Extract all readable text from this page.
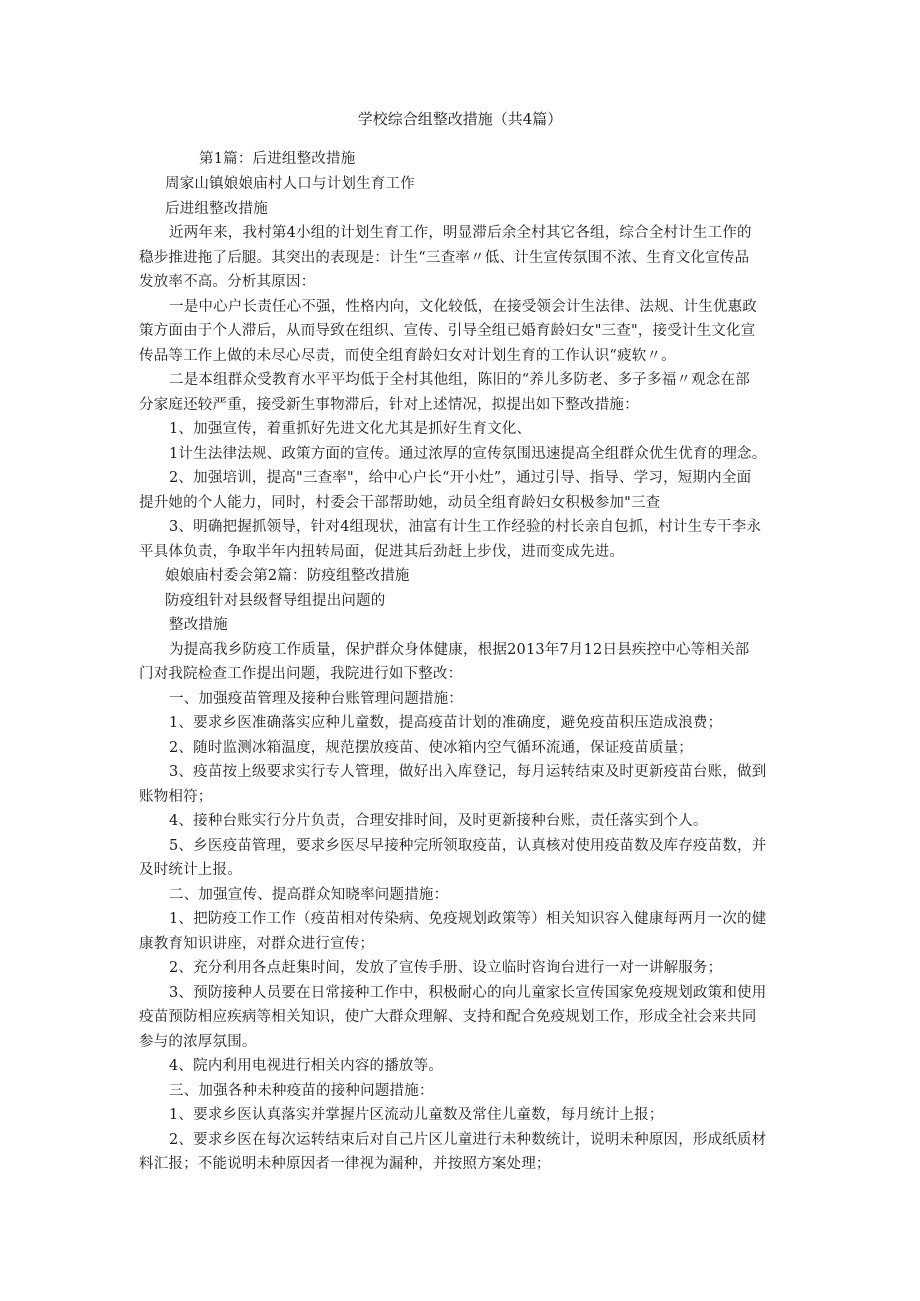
学校综合组整改措施（共4篇）
第1篇：后进组整改措施
周家山镇娘娘庙村人口与计划生育工作
后进组整改措施
近两年来，我村第4小组的计划生育工作，明显滞后余全村其它各组，综合全村计生工作的
稳步推进拖了后腿。其突出的表现是：计生“三查率〃低、计生宣传氛围不浓、生育文化宣传品
发放率不高。分析其原因：
一是中心户长责任心不强，性格内向，文化较低，在接受领会计生法律、法规、计生优惠政
策方面由于个人滞后，从而导致在组织、宣传、引导全组已婚育龄妇女"三查"，接受计生文化宣
传品等工作上做的未尽心尽责，而使全组育龄妇女对计划生育的工作认识“疲软〃。
二是本组群众受教育水平平均低于全村其他组，陈旧的“养儿多防老、多子多福〃观念在部
分家庭还较严重，接受新生事物滞后，针对上述情况，拟提出如下整改措施：
1、加强宣传，着重抓好先进文化尤其是抓好生育文化、
1计生法律法规、政策方面的宣传。通过浓厚的宣传氛围迅速提高全组群众优生优育的理念。
2、加强培训，提高"三查率"，给中心户长“开小灶”，通过引导、指导、学习，短期内全面
提升她的个人能力，同时，村委会干部帮助她，动员全组育龄妇女积极参加"三查
3、明确把握抓领导，针对4组现状，油富有计生工作经验的村长亲自包抓，村计生专干李永
平具体负责，争取半年内扭转局面，促进其后劲赶上步伐，进而变成先进。
娘娘庙村委会第2篇：防疫组整改措施
防疫组针对县级督导组提出问题的
整改措施
为提高我乡防疫工作质量，保护群众身体健康，根据2013年7月12日县疾控中心等相关部
门对我院检查工作提出问题，我院进行如下整改：
一、加强疫苗管理及接种台账管理问题措施：
1、要求乡医准确落实应种儿童数，提高疫苗计划的准确度，避免疫苗积压造成浪费；
2、随时监测冰箱温度，规范摆放疫苗、使冰箱内空气循环流通，保证疫苗质量；
3、疫苗按上级要求实行专人管理，做好出入库登记，每月运转结束及时更新疫苗台账，做到
账物相符；
4、接种台账实行分片负责，合理安排时间，及时更新接种台账，责任落实到个人。
5、乡医疫苗管理，要求乡医尽早接种完所领取疫苗，认真核对使用疫苗数及库存疫苗数，并
及时统计上报。
二、加强宣传、提高群众知晓率问题措施：
1、把防疫工作工作（疫苗相对传染病、免疫规划政策等）相关知识容入健康每两月一次的健
康教育知识讲座，对群众进行宣传；
2、充分利用各点赶集时间，发放了宣传手册、设立临时咨询台进行一对一讲解服务；
3、预防接种人员要在日常接种工作中，积极耐心的向儿童家长宣传国家免疫规划政策和使用
疫苗预防相应疾病等相关知识，使广大群众理解、支持和配合免疫规划工作，形成全社会来共同
参与的浓厚氛围。
4、院内利用电视进行相关内容的播放等。
三、加强各种未种疫苗的接种问题措施：
1、要求乡医认真落实并掌握片区流动儿童数及常住儿童数，每月统计上报；
2、要求乡医在每次运转结束后对自己片区儿童进行未种数统计，说明未种原因，形成纸质材
料汇报；不能说明未种原因者一律视为漏种，并按照方案处理；
